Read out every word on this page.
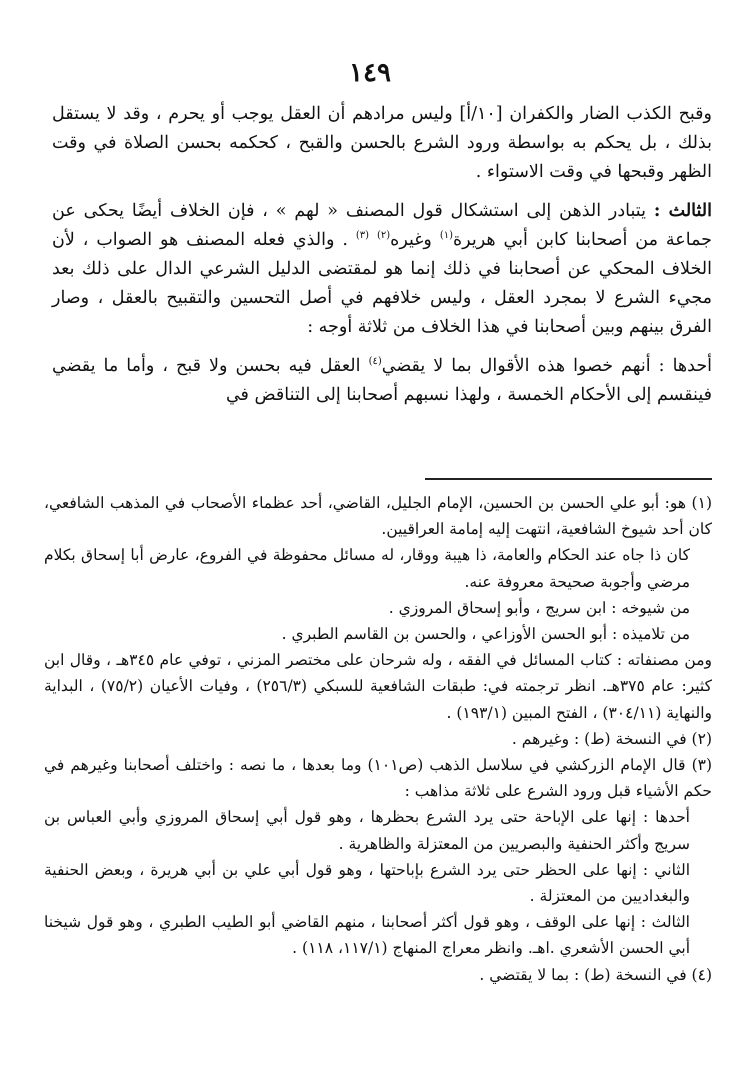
١٤٩

وقبح الكذب الضار والكفران [١٠/أ] وليس مرادهم أن العقل يوجب أو يحرم ، وقد لا يستقل بذلك ، بل يحكم به بواسطة ورود الشرع بالحسن والقبح ، كحكمه بحسن الصلاة في وقت الظهر وقبحها في وقت الاستواء .

الثالث : يتبادر الذهن إلى استشكال قول المصنف « لهم » ، فإن الخلاف أيضًا يحكى عن جماعة من أصحابنا كابن أبي هريرة$^{(١)}$ وغيره$^{(٢)}$ $^{(٣)}$ . والذي فعله المصنف هو الصواب ، لأن الخلاف المحكي عن أصحابنا في ذلك إنما هو لمقتضى الدليل الشرعي الدال على ذلك بعد مجيء الشرع لا بمجرد العقل ، وليس خلافهم في أصل التحسين والتقبيح بالعقل ، وصار الفرق بينهم وبين أصحابنا في هذا الخلاف من ثلاثة أوجه :

أحدها : أنهم خصوا هذه الأقوال بما لا يقضي$^{(٤)}$ العقل فيه بحسن ولا قبح ، وأما ما يقضي فينقسم إلى الأحكام الخمسة ، ولهذا نسبهم أصحابنا إلى التناقض في

(١) هو: أبو علي الحسن بن الحسين، الإمام الجليل، القاضي، أحد عظماء الأصحاب في المذهب الشافعي، كان أحد شيوخ الشافعية، انتهت إليه إمامة العراقيين.

كان ذا جاه عند الحكام والعامة، ذا هيبة ووقار، له مسائل محفوظة في الفروع، عارض أبا إسحاق بكلام مرضي وأجوبة صحيحة معروفة عنه.

من شيوخه : ابن سريج ، وأبو إسحاق المروزي .

من تلاميذه : أبو الحسن الأوزاعي ، والحسن بن القاسم الطبري .

ومن مصنفاته : كتاب المسائل في الفقه ، وله شرحان على مختصر المزني ، توفي عام ٣٤٥هـ ، وقال ابن كثير: عام ٣٧٥هـ. انظر ترجمته في: طبقات الشافعية للسبكي (٢٥٦/٣) ، وفيات الأعيان (٧٥/٢) ، البداية والنهاية (٣٠٤/١١) ، الفتح المبين (١٩٣/١) .

(٢) في النسخة (ط) : وغيرهم .

(٣) قال الإمام الزركشي في سلاسل الذهب (ص١٠١) وما بعدها ، ما نصه : واختلف أصحابنا وغيرهم في حكم الأشياء قبل ورود الشرع على ثلاثة مذاهب :

أحدها : إنها على الإباحة حتى يرد الشرع بحظرها ، وهو قول أبي إسحاق المروزي وأبي العباس بن سريج وأكثر الحنفية والبصريين من المعتزلة والظاهرية .

الثاني : إنها على الحظر حتى يرد الشرع بإباحتها ، وهو قول أبي علي بن أبي هريرة ، وبعض الحنفية والبغداديين من المعتزلة .

الثالث : إنها على الوقف ، وهو قول أكثر أصحابنا ، منهم القاضي أبو الطيب الطبري ، وهو قول شيخنا أبي الحسن الأشعري .اهـ. وانظر معراج المنهاج (١١٧/١، ١١٨) .

(٤) في النسخة (ط) : بما لا يقتضي .
